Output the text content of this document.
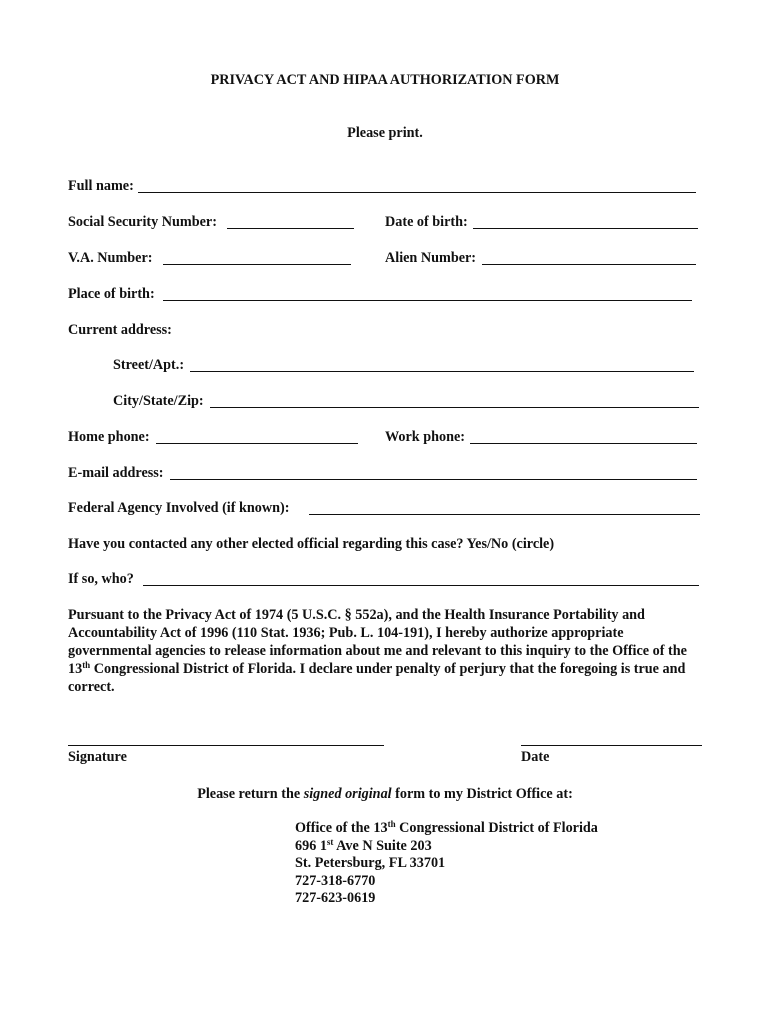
PRIVACY ACT AND HIPAA AUTHORIZATION FORM
Please print.
Full name:
Social Security Number:	Date of birth:
V.A. Number:	Alien Number:
Place of birth:
Current address:
Street/Apt.:
City/State/Zip:
Home phone:	Work phone:
E-mail address:
Federal Agency Involved (if known):
Have you contacted any other elected official regarding this case? Yes/No (circle)
If so, who?
Pursuant to the Privacy Act of 1974 (5 U.S.C. § 552a), and the Health Insurance Portability and Accountability Act of 1996 (110 Stat. 1936; Pub. L. 104-191), I hereby authorize appropriate governmental agencies to release information about me and relevant to this inquiry to the Office of the 13th Congressional District of Florida. I declare under penalty of perjury that the foregoing is true and correct.
Signature	Date
Please return the signed original form to my District Office at:
Office of the 13th Congressional District of Florida
696 1st Ave N Suite 203
St. Petersburg, FL 33701
727-318-6770
727-623-0619
